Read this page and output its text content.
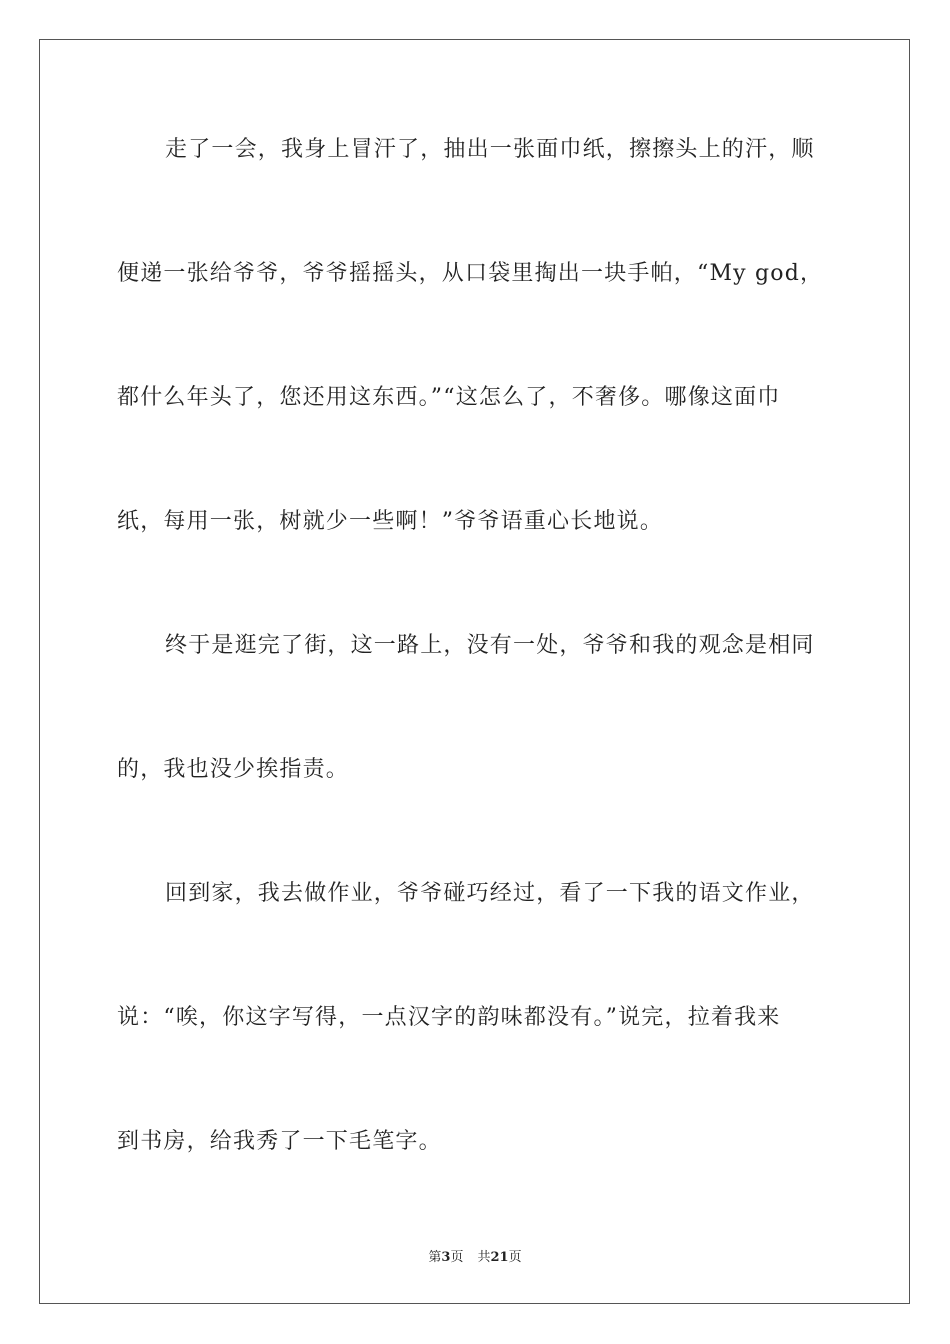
走了一会，我身上冒汗了，抽出一张面巾纸，擦擦头上的汗，顺
便递一张给爷爷，爷爷摇摇头，从口袋里掏出一块手帕，“My god，
都什么年头了，您还用这东西。”“这怎么了，不奢侈。哪像这面巾
纸，每用一张，树就少一些啊！”爷爷语重心长地说。
终于是逛完了街，这一路上，没有一处，爷爷和我的观念是相同
的，我也没少挨指责。
回到家，我去做作业，爷爷碰巧经过，看了一下我的语文作业，
说：“唉，你这字写得，一点汉字的韵味都没有。”说完，拉着我来
到书房，给我秀了一下毛笔字。
第3页 共21页
